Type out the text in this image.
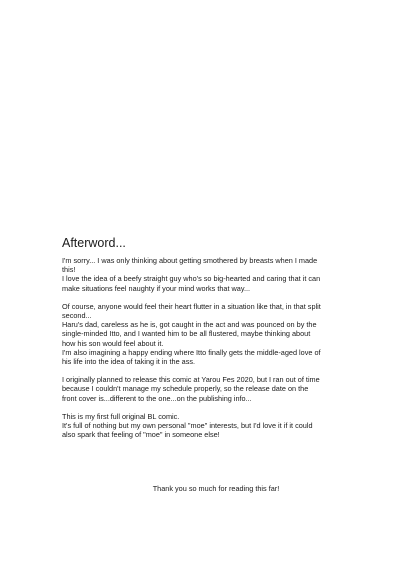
Afterword...

I'm sorry... I was only thinking about getting smothered by breasts when I made
this!
I love the idea of a beefy straight guy who's so big-hearted and caring that it can
make situations feel naughty if your mind works that way...

Of course, anyone would feel their heart flutter in a situation like that, in that split
second...
Haru's dad, careless as he is, got caught in the act and was pounced on by the
single-minded Itto, and I wanted him to be all flustered, maybe thinking about
how his son would feel about it.
I'm also imagining a happy ending where Itto finally gets the middle-aged love of
his life into the idea of taking it in the ass.

I originally planned to release this comic at Yarou Fes 2020, but I ran out of time
because I couldn't manage my schedule properly, so the release date on the
front cover is...different to the one...on the publishing info...

This is my first full original BL comic.
It's full of nothing but my own personal "moe" interests, but I'd love it if it could
also spark that feeling of "moe" in someone else!

Thank you so much for reading this far!
